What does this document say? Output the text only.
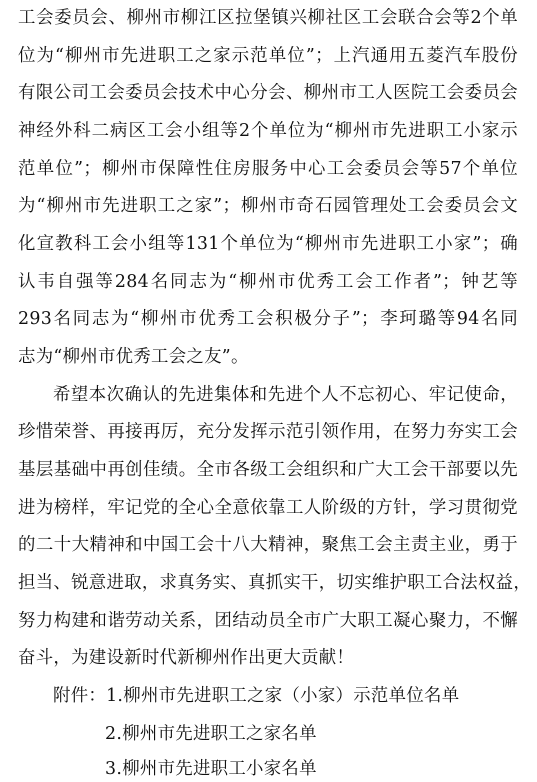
工会委员会、柳州市柳江区拉堡镇兴柳社区工会联合会等2个单
位为“柳州市先进职工之家示范单位”；上汽通用五菱汽车股份
有限公司工会委员会技术中心分会、柳州市工人医院工会委员会
神经外科二病区工会小组等2个单位为“柳州市先进职工小家示
范单位”；柳州市保障性住房服务中心工会委员会等57个单位
为“柳州市先进职工之家”；柳州市奇石园管理处工会委员会文
化宣教科工会小组等131个单位为“柳州市先进职工小家”；确
认韦自强等284名同志为“柳州市优秀工会工作者”；钟艺等
293名同志为“柳州市优秀工会积极分子”；李珂璐等94名同
志为“柳州市优秀工会之友”。
希望本次确认的先进集体和先进个人不忘初心、牢记使命，
珍惜荣誉、再接再厉，充分发挥示范引领作用，在努力夯实工会
基层基础中再创佳绩。全市各级工会组织和广大工会干部要以先
进为榜样，牢记党的全心全意依靠工人阶级的方针，学习贯彻党
的二十大精神和中国工会十八大精神，聚焦工会主责主业，勇于
担当、锐意进取，求真务实、真抓实干，切实维护职工合法权益，
努力构建和谐劳动关系，团结动员全市广大职工凝心聚力，不懈
奋斗，为建设新时代新柳州作出更大贡献！
附件：1.柳州市先进职工之家（小家）示范单位名单
2.柳州市先进职工之家名单
3.柳州市先进职工小家名单
